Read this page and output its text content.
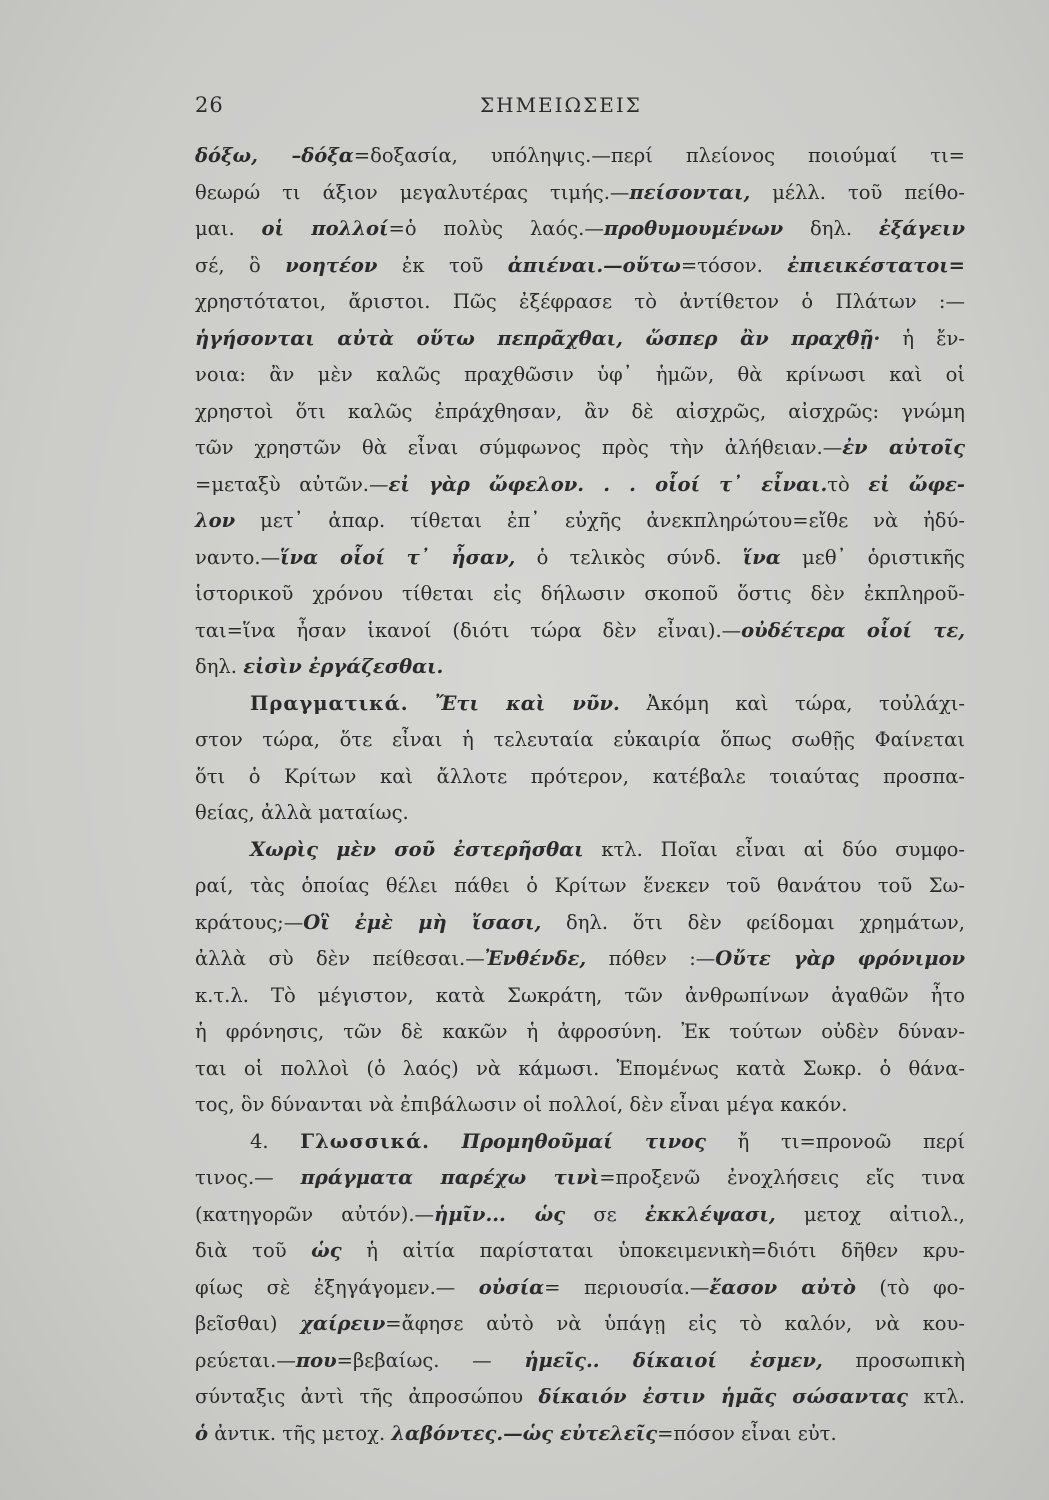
26	ΣΗΜΕΙΩΣΕΙΣ
δόξω, –δόξα=δοξασία, υπόληψις.—περί πλείονος ποιούμαί τι=
θεωρώ τι άξιον μεγαλυτέρας τιμής.—πείσονται, μέλλ. τοῦ πείθο-
μαι. οἱ πολλοί=ὁ πολὺς λαός.—προθυμουμένων δηλ. ἐξάγειν
σέ, ὃ νοητέον ἐκ τοῦ ἀπιέναι.—οὕτω=τόσον. ἐπιεικέστατοι=
χρηστότατοι, ἄριστοι. Πῶς ἐξέφρασε τὸ ἀντίθετον ὁ Πλάτων :—
ἡγήσονται αὐτὰ οὕτω πεπρᾶχθαι, ὥσπερ ἂν πραχθῇ· ἡ ἔν-
νοια: ἂν μὲν καλῶς πραχθῶσιν ὑφ᾽ ἡμῶν, θὰ κρίνωσι καὶ οἱ
χρηστοὶ ὅτι καλῶς ἐπράχθησαν, ἂν δὲ αἰσχρῶς, αἰσχρῶς: γνώμη
τῶν χρηστῶν θὰ εἶναι σύμφωνος πρὸς τὴν ἀλήθειαν.—ἐν αὐτοῖς
=μεταξὺ αὐτῶν.—εἰ γὰρ ὤφελον. . . οἷοί τ᾽ εἶναι.τὸ εἰ ὤφε-
λον μετ᾽ ἀπαρ. τίθεται ἐπ᾽ εὐχῆς ἀνεκπληρώτου=εἴθε νὰ ἠδύ-
ναντο.—ἵνα οἷοί τ᾽ ἦσαν, ὁ τελικὸς σύνδ. ἵνα μεθ᾽ ὁριστικῆς
ἱστορικοῦ χρόνου τίθεται εἰς δήλωσιν σκοποῦ ὅστις δὲν ἐκπληροῦ-
ται=ἵνα ἦσαν ἱκανοί (διότι τώρα δὲν εἶναι).—οὐδέτερα οἷοί τε,
δηλ. εἰσὶν ἐργάζεσθαι.
Πραγματικά. Ἔτι καὶ νῦν. Ἀκόμη καὶ τώρα, τοὐλάχι-
στον τώρα, ὅτε εἶναι ἡ τελευταία εὐκαιρία ὅπως σωθῇς Φαίνεται
ὅτι ὁ Κρίτων καὶ ἄλλοτε πρότερον, κατέβαλε τοιαύτας προσπα-
θείας, ἀλλὰ ματαίως.
Χωρὶς μὲν σοῦ ἐστερῆσθαι κτλ. Ποῖαι εἶναι αἱ δύο συμφο-
ραί, τὰς ὁποίας θέλει πάθει ὁ Κρίτων ἕνεκεν τοῦ θανάτου τοῦ Σω-
κράτους;—Οἳ ἐμὲ μὴ ἴσασι, δηλ. ὅτι δὲν φείδομαι χρημάτων,
ἀλλὰ σὺ δὲν πείθεσαι.—Ἐνθένδε, πόθεν :—Οὔτε γὰρ φρόνιμον
κ.τ.λ. Τὸ μέγιστον, κατὰ Σωκράτη, τῶν ἀνθρωπίνων ἀγαθῶν ἦτο
ἡ φρόνησις, τῶν δὲ κακῶν ἡ ἀφροσύνη. Ἐκ τούτων οὐδὲν δύναν-
ται οἱ πολλοὶ (ὁ λαός) νὰ κάμωσι. Ἑπομένως κατὰ Σωκρ. ὁ θάνα-
τος, ὃν δύνανται νὰ ἐπιβάλωσιν οἱ πολλοί, δὲν εἶναι μέγα κακόν.
4. Γλωσσικά. Προμηθοῦμαί τινος ἤ τι=προνοῶ περί
τινος.— πράγματα παρέχω τινὶ=προξενῶ ἐνοχλήσεις εἴς τινα
(κατηγορῶν αὐτόν).—ἡμῖν... ὡς σε ἐκκλέψασι, μετοχ αἰτιολ.,
διὰ τοῦ ὡς ἡ αἰτία παρίσταται ὑποκειμενικὴ=διότι δῆθεν κρυ-
φίως σὲ ἐξηγάγομεν.— οὐσία= περιουσία.—ἔασον αὐτὸ (τὸ φο-
βεῖσθαι) χαίρειν=ἄφησε αὐτὸ νὰ ὑπάγῃ εἰς τὸ καλόν, νὰ κου-
ρεύεται.—που=βεβαίως. — ἡμεῖς.. δίκαιοί ἐσμεν, προσωπικὴ
σύνταξις ἀντὶ τῆς ἀπροσώπου δίκαιόν ἐστιν ἡμᾶς σώσαντας κτλ.
ὁ ἀντικ. τῆς μετοχ. λαβόντες.—ὡς εὐτελεῖς=πόσον εἶναι εὐτ.
